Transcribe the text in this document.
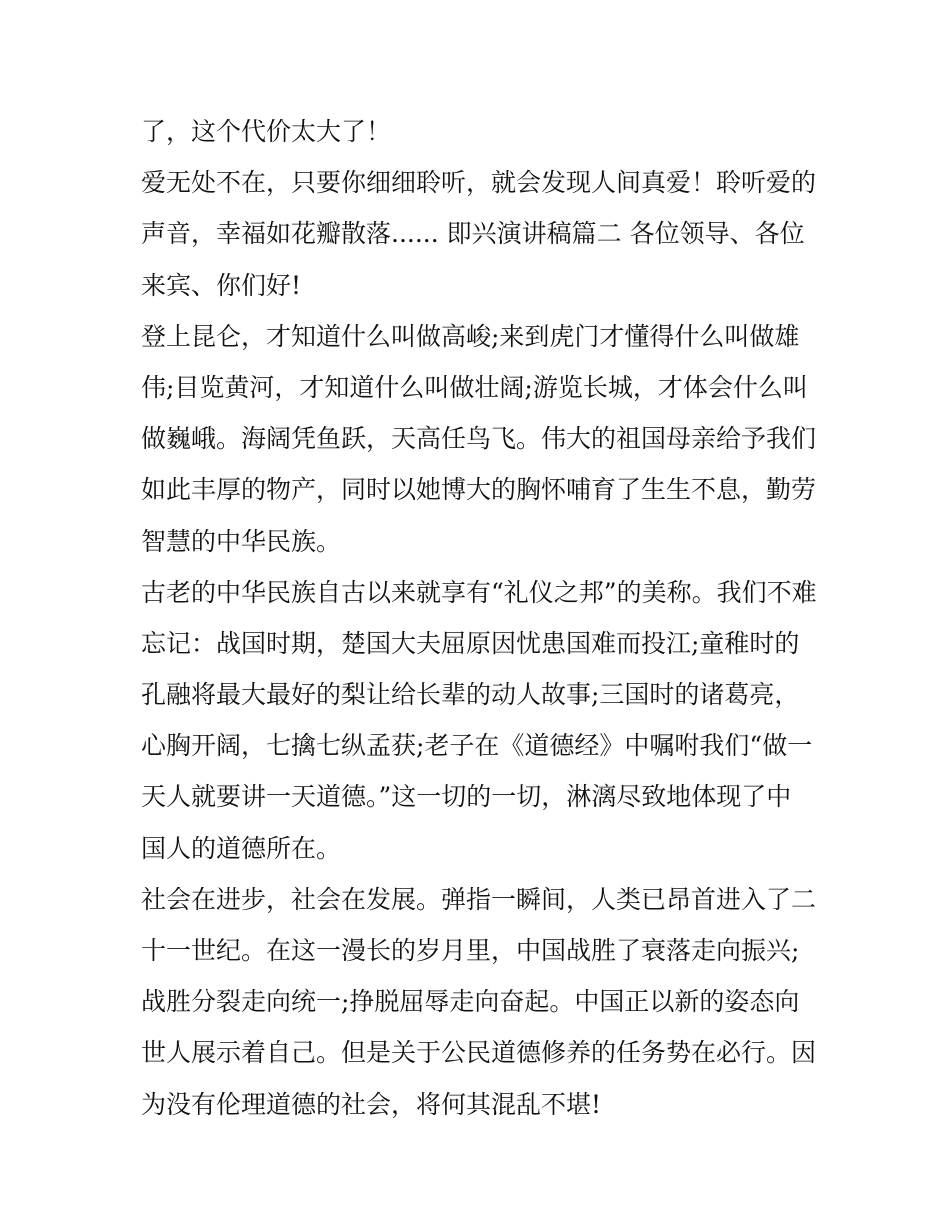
了，这个代价太大了！
爱无处不在，只要你细细聆听，就会发现人间真爱！聆听爱的
声音，幸福如花瓣散落...... 即兴演讲稿篇二 各位领导、各位
来宾、你们好!
登上昆仑，才知道什么叫做高峻;来到虎门才懂得什么叫做雄
伟;目览黄河，才知道什么叫做壮阔;游览长城，才体会什么叫
做巍峨。海阔凭鱼跃，天高任鸟飞。伟大的祖国母亲给予我们
如此丰厚的物产，同时以她博大的胸怀哺育了生生不息，勤劳
智慧的中华民族。
古老的中华民族自古以来就享有“礼仪之邦”的美称。我们不难
忘记：战国时期，楚国大夫屈原因忧患国难而投江;童稚时的
孔融将最大最好的梨让给长辈的动人故事;三国时的诸葛亮，
心胸开阔，七擒七纵孟获;老子在《道德经》中嘱咐我们“做一
天人就要讲一天道德。”这一切的一切，淋漓尽致地体现了中
国人的道德所在。
社会在进步，社会在发展。弹指一瞬间，人类已昂首进入了二
十一世纪。在这一漫长的岁月里，中国战胜了衰落走向振兴;
战胜分裂走向统一;挣脱屈辱走向奋起。中国正以新的姿态向
世人展示着自己。但是关于公民道德修养的任务势在必行。因
为没有伦理道德的社会，将何其混乱不堪!
